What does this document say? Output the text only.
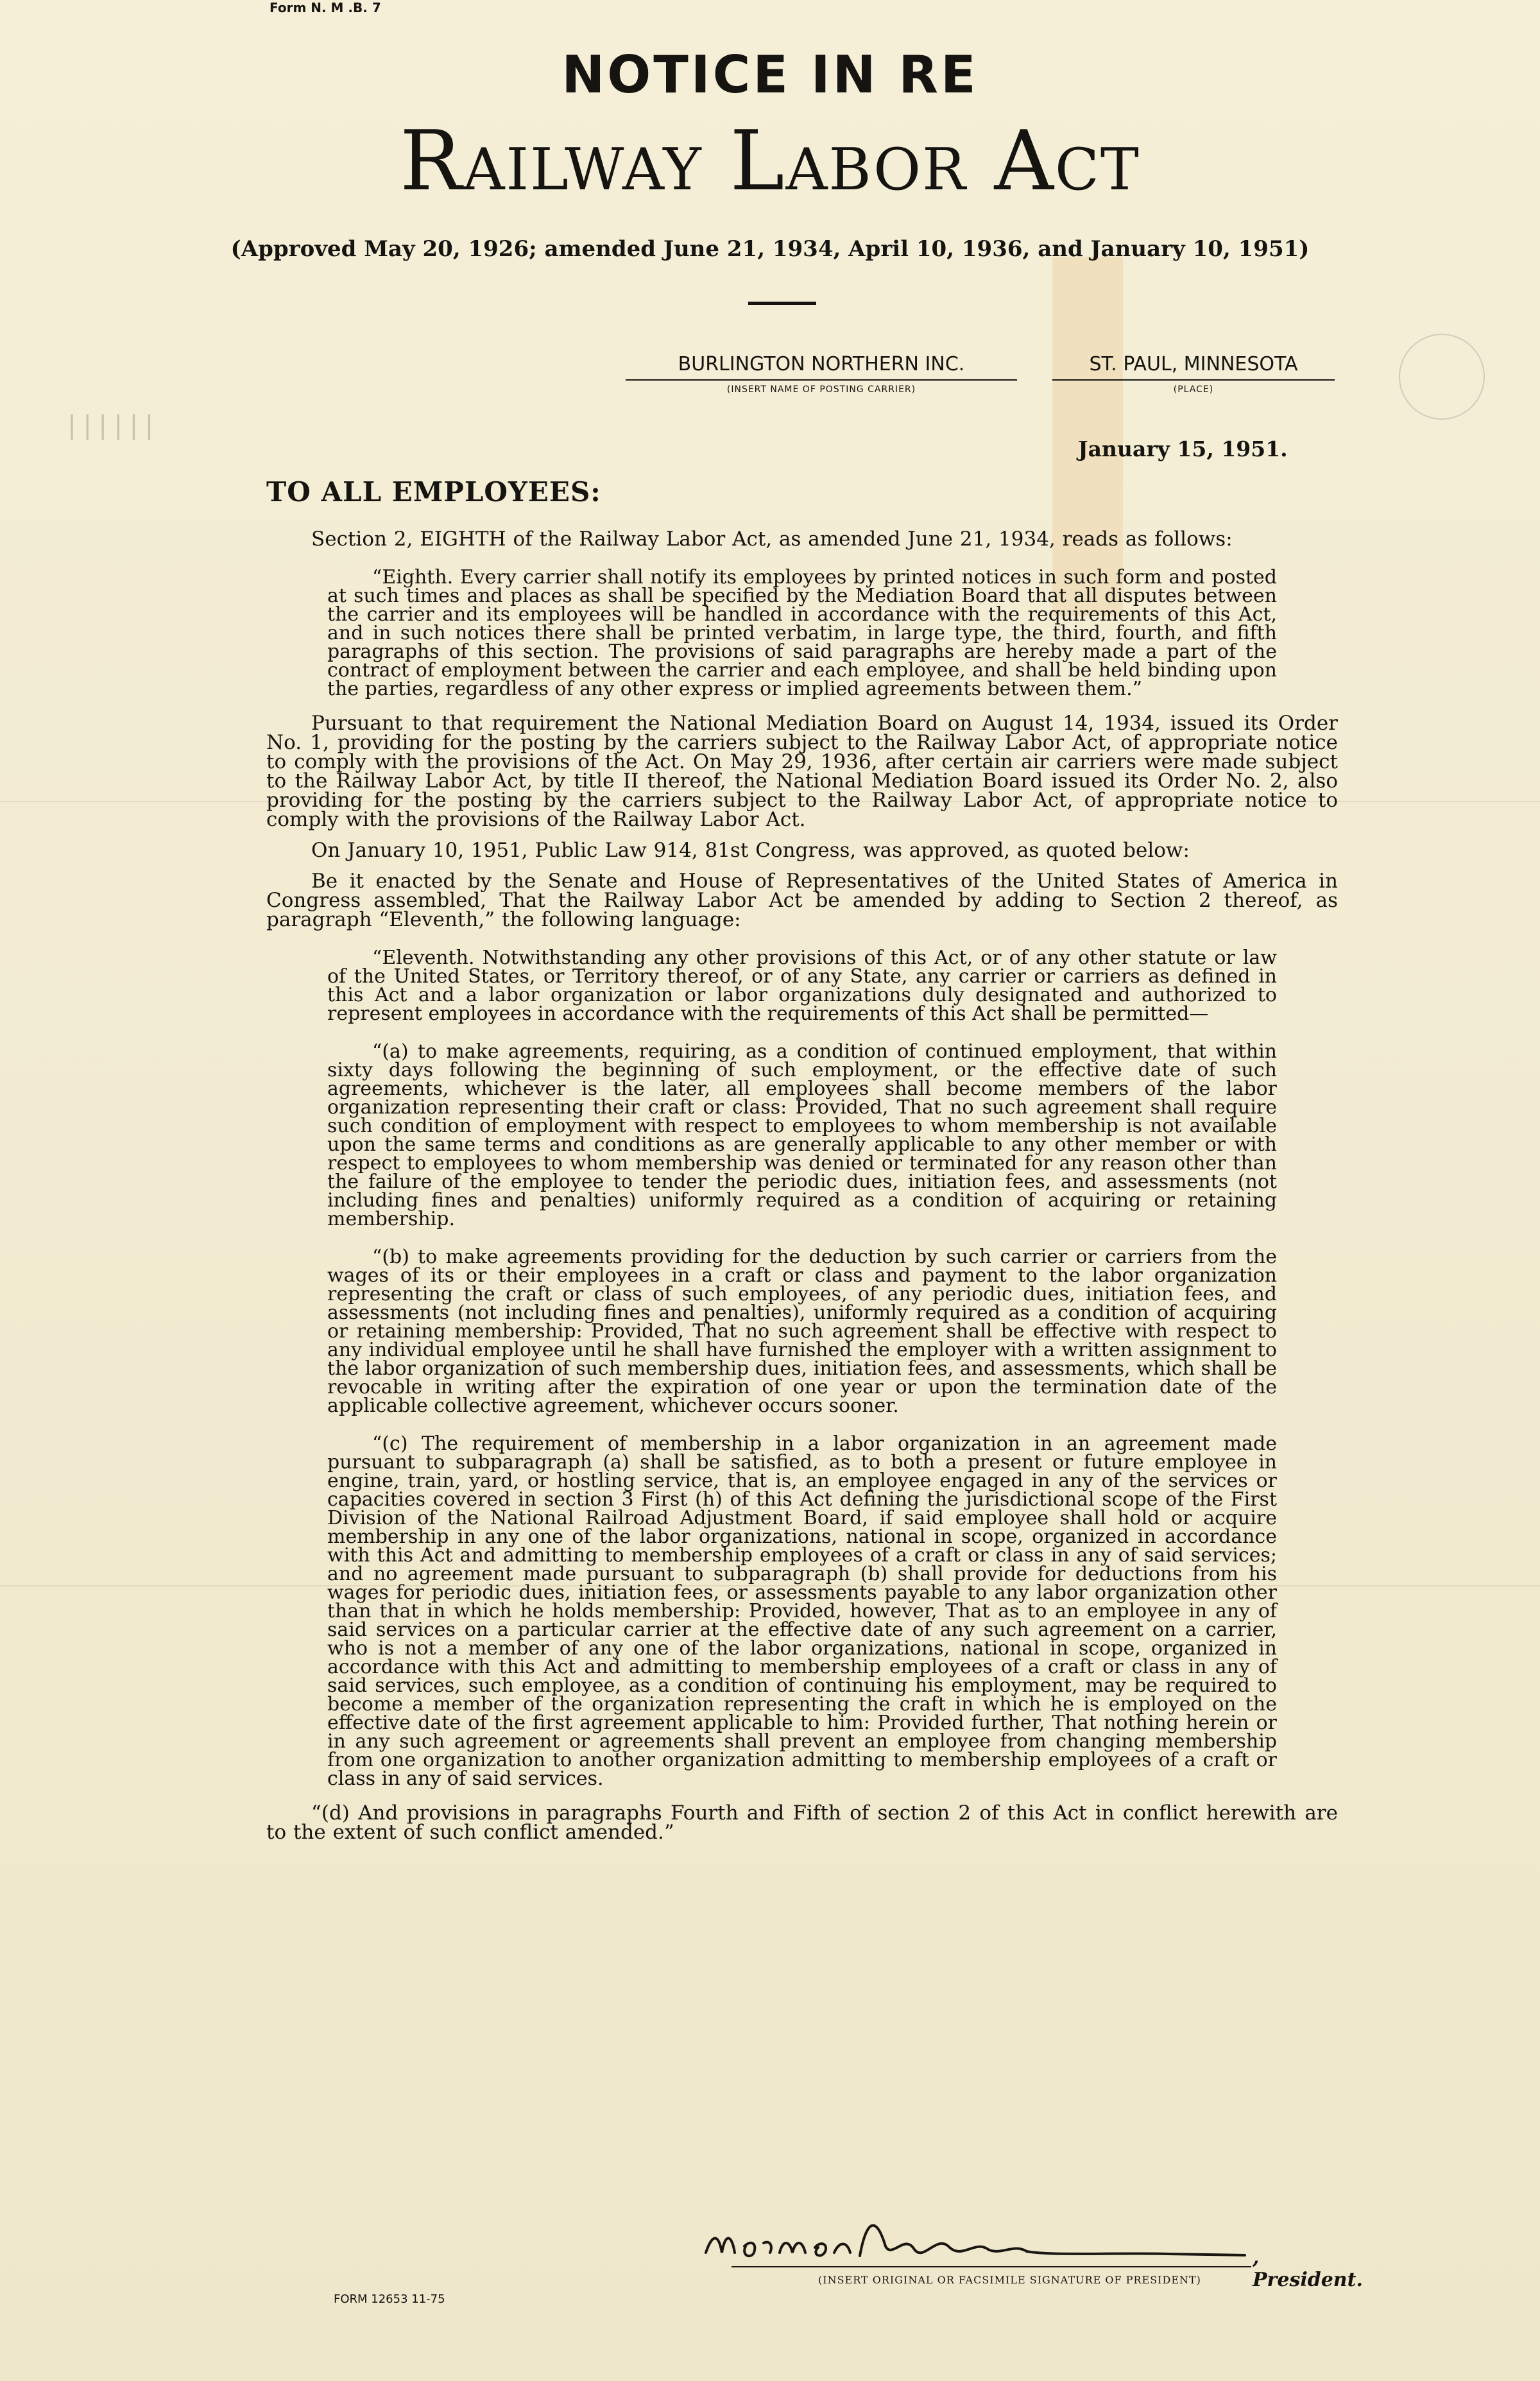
||||||
Form N. M .B. 7
NOTICE IN RE
Railway Labor Act
(Approved May 20, 1926; amended June 21, 1934, April 10, 1936, and January 10, 1951)
BURLINGTON NORTHERN INC.
(INSERT NAME OF POSTING CARRIER)
ST. PAUL, MINNESOTA
(PLACE)
January 15, 1951.
TO ALL EMPLOYEES:

Section 2, EIGHTH of the Railway Labor Act, as amended June 21, 1934, reads as follows:

“Eighth. Every carrier shall notify its employees by printed notices in such form and posted at such times and places as shall be specified by the Mediation Board that all disputes between the carrier and its employees will be handled in accordance with the requirements of this Act, and in such notices there shall be printed verbatim, in large type, the third, fourth, and fifth paragraphs of this section. The provisions of said paragraphs are hereby made a part of the contract of employment between the carrier and each employee, and shall be held binding upon the parties, regardless of any other express or implied agreements between them.”

Pursuant to that requirement the National Mediation Board on August 14, 1934, issued its Order No. 1, providing for the posting by the carriers subject to the Railway Labor Act, of appropriate notice to comply with the provisions of the Act. On May 29, 1936, after certain air carriers were made subject to the Railway Labor Act, by title II thereof, the National Mediation Board issued its Order No. 2, also providing for the posting by the carriers subject to the Railway Labor Act, of appropriate notice to comply with the provisions of the Railway Labor Act.

On January 10, 1951, Public Law 914, 81st Congress, was approved, as quoted below:

Be it enacted by the Senate and House of Representatives of the United States of America in Congress assembled, That the Railway Labor Act be amended by adding to Section 2 thereof, as paragraph “Eleventh,” the following language:

“Eleventh. Notwithstanding any other provisions of this Act, or of any other statute or law of the United States, or Territory thereof, or of any State, any carrier or carriers as defined in this Act and a labor organization or labor organizations duly designated and authorized to represent employees in accordance with the requirements of this Act shall be permitted—

“(a) to make agreements, requiring, as a condition of continued employment, that within sixty days following the beginning of such employment, or the effective date of such agreements, whichever is the later, all employees shall become members of the labor organization representing their craft or class: Provided, That no such agreement shall require such condition of employment with respect to employees to whom membership is not available upon the same terms and conditions as are generally applicable to any other member or with respect to employees to whom membership was denied or terminated for any reason other than the failure of the employee to tender the periodic dues, initiation fees, and assessments (not including fines and penalties) uniformly required as a condition of acquiring or retaining membership.

“(b) to make agreements providing for the deduction by such carrier or carriers from the wages of its or their employees in a craft or class and payment to the labor organization representing the craft or class of such employees, of any periodic dues, initiation fees, and assessments (not including fines and penalties), uniformly required as a condition of acquiring or retaining membership: Provided, That no such agreement shall be effective with respect to any individual employee until he shall have furnished the employer with a written assignment to the labor organization of such membership dues, initiation fees, and assessments, which shall be revocable in writing after the expiration of one year or upon the termination date of the applicable collective agreement, whichever occurs sooner.

“(c) The requirement of membership in a labor organization in an agreement made pursuant to subparagraph (a) shall be satisfied, as to both a present or future employee in engine, train, yard, or hostling service, that is, an employee engaged in any of the services or capacities covered in section 3 First (h) of this Act defining the jurisdictional scope of the First Division of the National Railroad Adjustment Board, if said employee shall hold or acquire membership in any one of the labor organizations, national in scope, organized in accordance with this Act and admitting to membership employees of a craft or class in any of said services; and no agreement made pursuant to subparagraph (b) shall provide for deductions from his wages for periodic dues, initiation fees, or assessments payable to any labor organization other than that in which he holds membership: Provided, however, That as to an employee in any of said services on a particular carrier at the effective date of any such agreement on a carrier, who is not a member of any one of the labor organizations, national in scope, organized in accordance with this Act and admitting to membership employees of a craft or class in any of said services, such employee, as a condition of continuing his employment, may be required to become a member of the organization representing the craft in which he is employed on the effective date of the first agreement applicable to him: Provided further, That nothing herein or in any such agreement or agreements shall prevent an employee from changing membership from one organization to another organization admitting to membership employees of a craft or class in any of said services.

“(d) And provisions in paragraphs Fourth and Fifth of section 2 of this Act in conflict herewith are to the extent of such conflict amended.”

, President.
(INSERT ORIGINAL OR FACSIMILE SIGNATURE OF PRESIDENT)
FORM 12653 11-75
